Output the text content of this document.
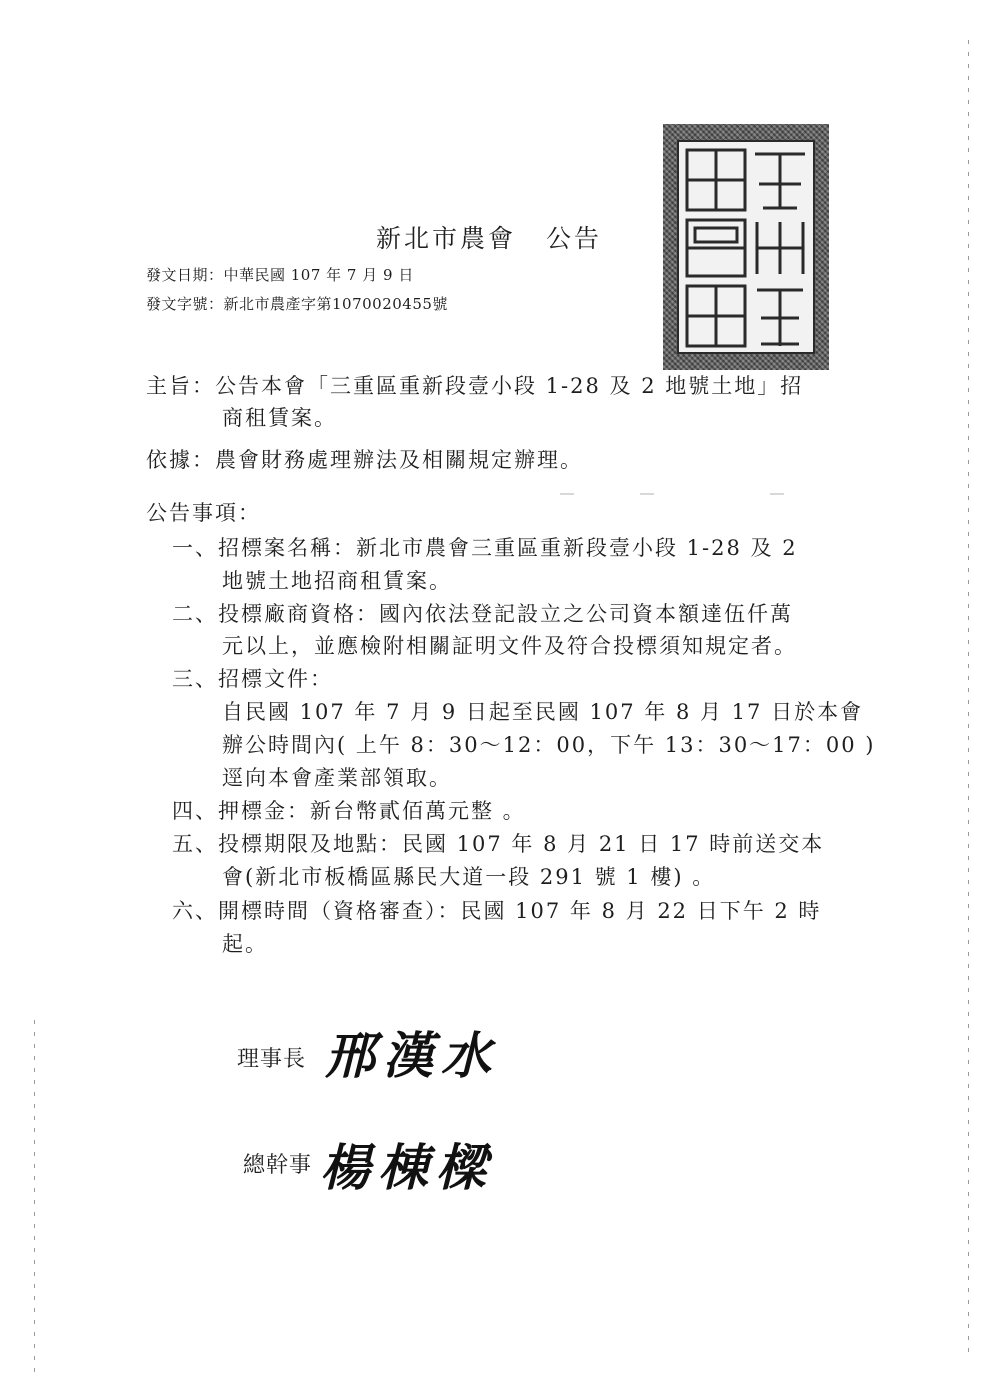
新北市農會 公告
發文日期：中華民國 107 年 7 月 9 日
發文字號：新北市農產字第1070020455號
主旨：公告本會「三重區重新段壹小段 1-28 及 2 地號土地」招
商租賃案。
依據：農會財務處理辦法及相關規定辦理。
公告事項：
一、招標案名稱：新北市農會三重區重新段壹小段 1-28 及 2
地號土地招商租賃案。
二、投標廠商資格：國內依法登記設立之公司資本額達伍仟萬
元以上，並應檢附相關証明文件及符合投標須知規定者。
三、招標文件：
自民國 107 年 7 月 9 日起至民國 107 年 8 月 17 日於本會
辦公時間內( 上午 8：30～12：00，下午 13：30～17：00 )
逕向本會產業部領取。
四、押標金：新台幣貳佰萬元整 。
五、投標期限及地點：民國 107 年 8 月 21 日 17 時前送交本
會(新北市板橋區縣民大道一段 291 號 1 樓) 。
六、開標時間（資格審查）：民國 107 年 8 月 22 日下午 2 時
起。
理事長 邢漢水
總幹事 楊棟樑
